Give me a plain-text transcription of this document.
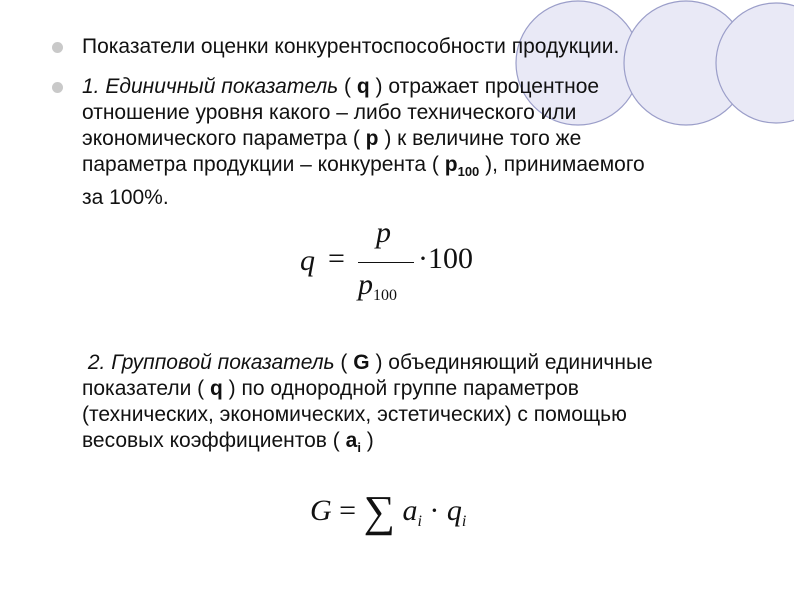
Показатели оценки конкурентоспособности продукции.
1. Единичный показатель ( q ) отражает процентное
отношение уровня какого – либо технического или
экономического параметра ( p ) к величине того же
параметра продукции – конкурента ( $p_{100}$ ), принимаемого
за 100%.
q =
p
$p_{100}$
·100
2. Групповой показатель ( G ) объединяющий единичные
показатели ( q ) по однородной группе параметров
(технических, экономических, эстетических) с помощью
весовых коэффициентов ( $a_i$ )
G = ∑ $a_i \cdot q_i$
